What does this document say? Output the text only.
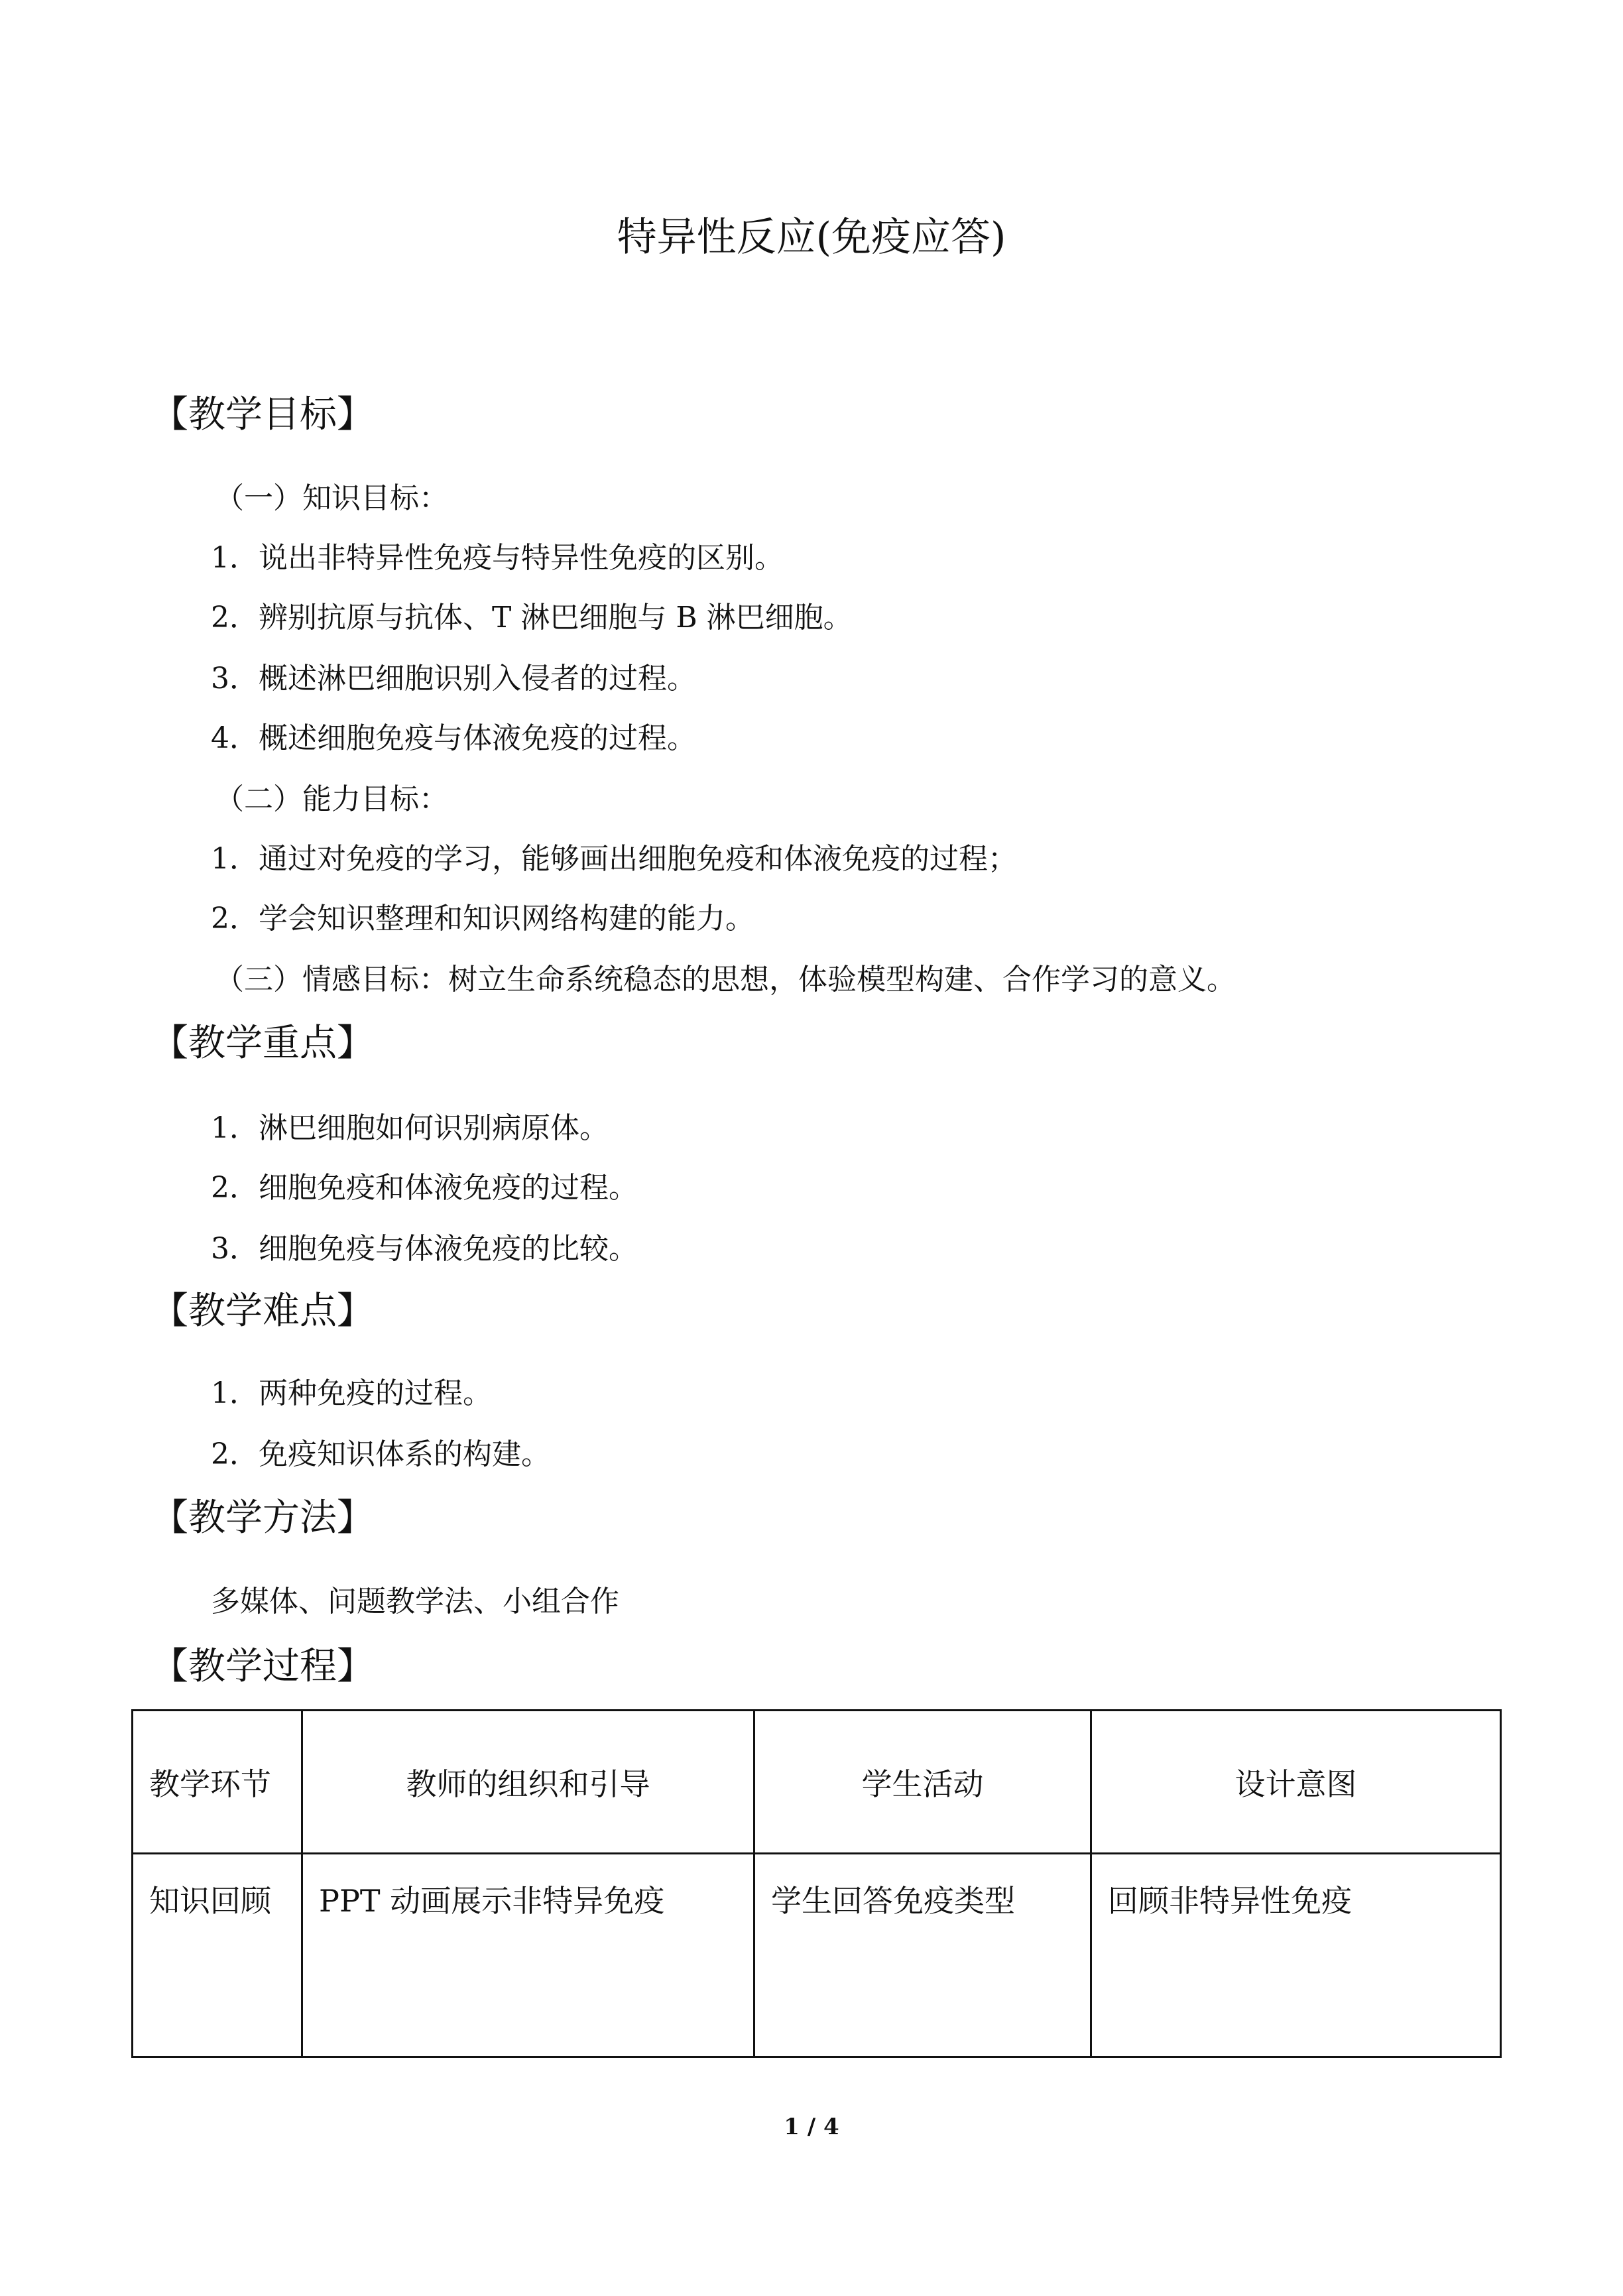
特异性反应(免疫应答)
【教学目标】
（一）知识目标：
1．说出非特异性免疫与特异性免疫的区别。
2．辨别抗原与抗体、T 淋巴细胞与 B 淋巴细胞。
3．概述淋巴细胞识别入侵者的过程。
4．概述细胞免疫与体液免疫的过程。
（二）能力目标：
1．通过对免疫的学习，能够画出细胞免疫和体液免疫的过程；
2．学会知识整理和知识网络构建的能力。
（三）情感目标：树立生命系统稳态的思想，体验模型构建、合作学习的意义。
【教学重点】
1．淋巴细胞如何识别病原体。
2．细胞免疫和体液免疫的过程。
3．细胞免疫与体液免疫的比较。
【教学难点】
1．两种免疫的过程。
2．免疫知识体系的构建。
【教学方法】
多媒体、问题教学法、小组合作
【教学过程】
教学环节	教师的组织和引导	学生活动	设计意图
知识回顾	PPT 动画展示非特异免疫	学生回答免疫类型	回顾非特异性免疫
1 / 4
